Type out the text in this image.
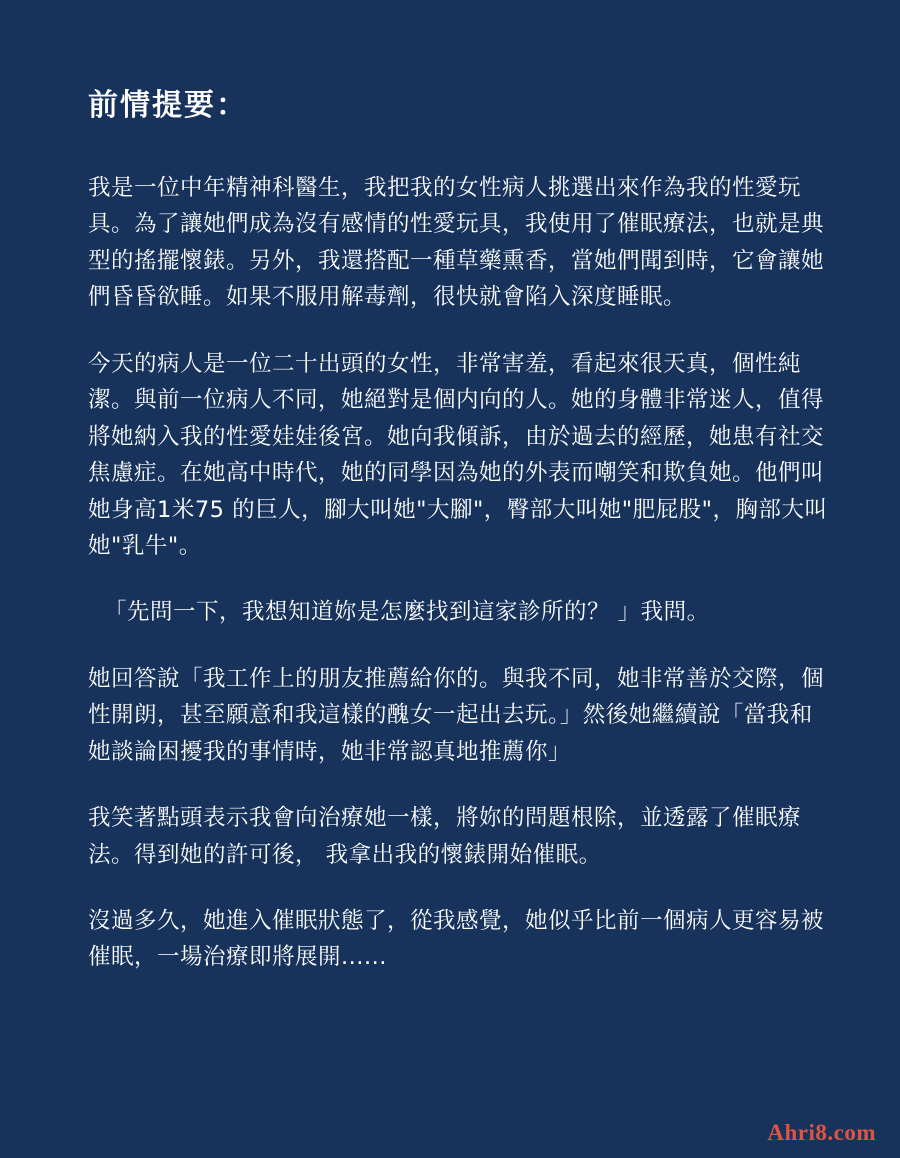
前情提要：

我是一位中年精神科醫生，我把我的女性病人挑選出來作為我的性愛玩具。為了讓她們成為沒有感情的性愛玩具，我使用了催眠療法，也就是典型的搖擺懷錶。另外，我還搭配一種草藥熏香，當她們聞到時，它會讓她們昏昏欲睡。如果不服用解毒劑，很快就會陷入深度睡眠。

今天的病人是一位二十出頭的女性，非常害羞，看起來很天真，個性純潔。與前一位病人不同，她絕對是個内向的人。她的身體非常迷人，值得將她納入我的性愛娃娃後宮。她向我傾訴，由於過去的經歷，她患有社交焦慮症。在她高中時代，她的同學因為她的外表而嘲笑和欺負她。他們叫她身高1米75 的巨人，腳大叫她"大腳"，臀部大叫她"肥屁股"，胸部大叫她"乳牛"。

「先問一下，我想知道妳是怎麼找到這家診所的？ 」我問。

她回答說「我工作上的朋友推薦給你的。與我不同，她非常善於交際，個性開朗，甚至願意和我這樣的醜女一起出去玩。」然後她繼續說「當我和她談論困擾我的事情時，她非常認真地推薦你」

我笑著點頭表示我會向治療她一樣，將妳的問題根除，並透露了催眠療法。得到她的許可後， 我拿出我的懷錶開始催眠。

沒過多久，她進入催眠狀態了，從我感覺，她似乎比前一個病人更容易被催眠，一場治療即將展開......

Ahri8.com
